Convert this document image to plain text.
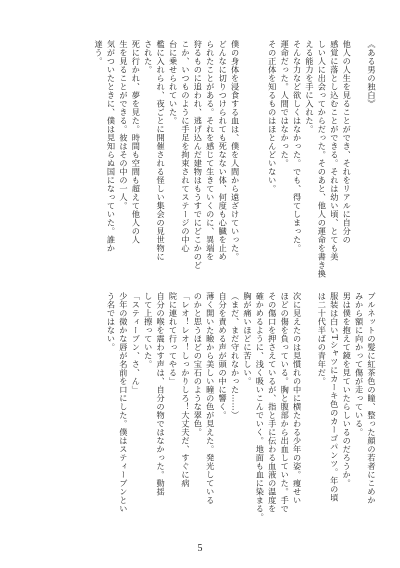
《ある男の独白》

他人の人生を見ることができ、それをリアルに自分の

感覚に落とし込むことができる。それは幼い頃、とても美

しい人に出会ってからだった。そのあと、他人の運命を書き換

える能力を手に入れた。

そんな力など欲しくはなかった。でも、得てしまった。

運命だった。人間ではなかった。

その正体を知るものはほとんどいない。

僕の身体を浸食する血は、僕を人間から遠ざけていった。

どんなに切りつけられても死なない体、何度も心臓を止め

られたことがある。それを感じて生きていくのに、異端を

狩るものに追われ、逃げ込んだ建物はもうすでにどこかのど

こか、いつものように手足を拘束されてステージの中心

台に乗せられていた。

檻に入れられ、夜ごとに開催される怪しい集会の見世物に

された。

死に行かれ、夢を見た。時間も空間も超えて他人の人

生を見ることができる。彼はその中の一人。

気がついたときに、僕は見知らぬ国になっていた。誰か

達う。

ブルネットの髪に紅茶色の瞳、整った顔の若者にこめか

みから額に向かって傷が走っている。

男は僕を抱えて鏡を見ていたらしいるのだろうか。

服装は白いTシャツにカーキ色のカーゴパンツ。年の頃

は二十代半ばの青年だ。

次に見えたのは見慣れの中に横たわる少年の姿。痩せい

ほどの傷を負っている。胸と腹部から出血していた。手で

その傷口を押さえているが、指と手に伝わる血液の温度を

確かめるように、浅く吸いこんでいく。地面も血に染まる。

胸が痛いほどに苦しい。

（まだ、まだ守れなかった……）

自分を責める声が頭の中に響く。

薄く開いた瞼から美しい瞳の色が見えた。発光している

のかと思うほどの宝石のような翠色。

「レオ！レオ！しっかりしろ！大丈夫だ、すぐに病

院に連れて行ってやる」

自分の喉を震わす声は、自分の物ではなかった。動揺

して上擦っていた。

「スティーブン、さ、ん」

少年の微かな唇が名前を口にした。僕はスティーブンとい

う名ではない。

5
